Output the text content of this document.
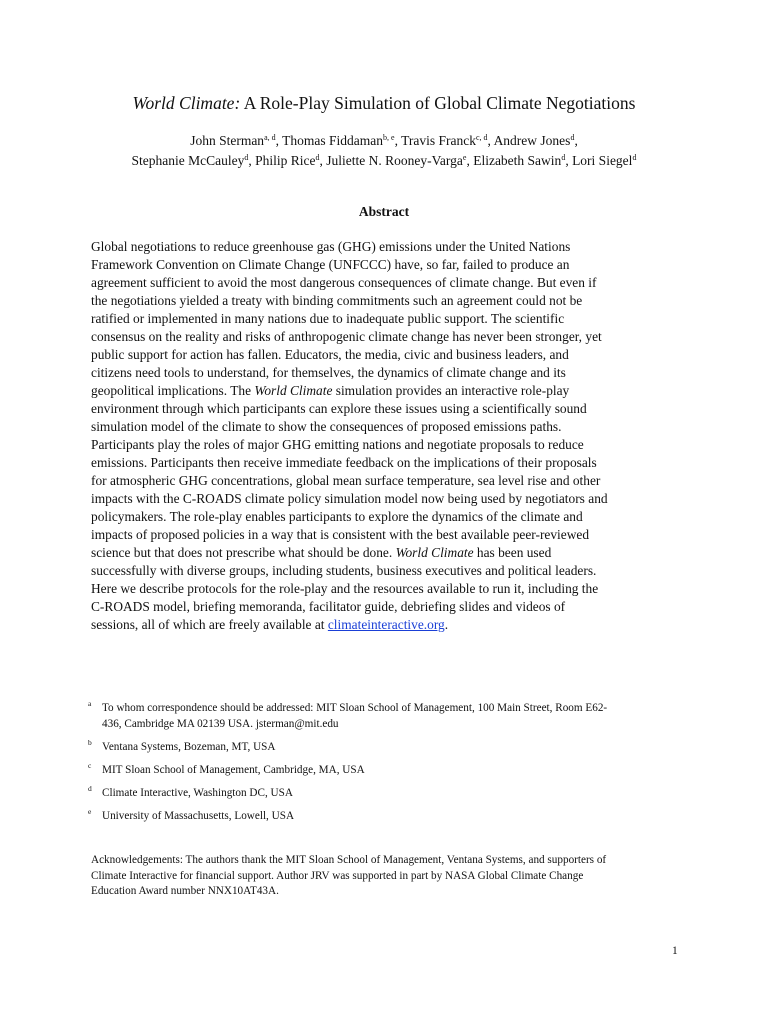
World Climate: A Role-Play Simulation of Global Climate Negotiations
John Sterman$^{a, d}$, Thomas Fiddaman$^{b, e}$, Travis Franck$^{c, d}$, Andrew Jones$^d$,
Stephanie McCauley$^d$, Philip Rice$^d$, Juliette N. Rooney-Varga$^e$, Elizabeth Sawin$^d$, Lori Siegel$^d$
Abstract

Global negotiations to reduce greenhouse gas (GHG) emissions under the United Nations
Framework Convention on Climate Change (UNFCCC) have, so far, failed to produce an
agreement sufficient to avoid the most dangerous consequences of climate change. But even if
the negotiations yielded a treaty with binding commitments such an agreement could not be
ratified or implemented in many nations due to inadequate public support. The scientific
consensus on the reality and risks of anthropogenic climate change has never been stronger, yet
public support for action has fallen. Educators, the media, civic and business leaders, and
citizens need tools to understand, for themselves, the dynamics of climate change and its
geopolitical implications. The World Climate simulation provides an interactive role-play
environment through which participants can explore these issues using a scientifically sound
simulation model of the climate to show the consequences of proposed emissions paths.
Participants play the roles of major GHG emitting nations and negotiate proposals to reduce
emissions. Participants then receive immediate feedback on the implications of their proposals
for atmospheric GHG concentrations, global mean surface temperature, sea level rise and other
impacts with the C-ROADS climate policy simulation model now being used by negotiators and
policymakers. The role-play enables participants to explore the dynamics of the climate and
impacts of proposed policies in a way that is consistent with the best available peer-reviewed
science but that does not prescribe what should be done. World Climate has been used
successfully with diverse groups, including students, business executives and political leaders.
Here we describe protocols for the role-play and the resources available to run it, including the
C-ROADS model, briefing memoranda, facilitator guide, debriefing slides and videos of
sessions, all of which are freely available at climateinteractive.org.

a To whom correspondence should be addressed: MIT Sloan School of Management, 100 Main Street, Room E62-
436, Cambridge MA 02139 USA. jsterman@mit.edu
b Ventana Systems, Bozeman, MT, USA
c MIT Sloan School of Management, Cambridge, MA, USA
d Climate Interactive, Washington DC, USA
e University of Massachusetts, Lowell, USA
Acknowledgements: The authors thank the MIT Sloan School of Management, Ventana Systems, and supporters of
Climate Interactive for financial support. Author JRV was supported in part by NASA Global Climate Change
Education Award number NNX10AT43A.
1
